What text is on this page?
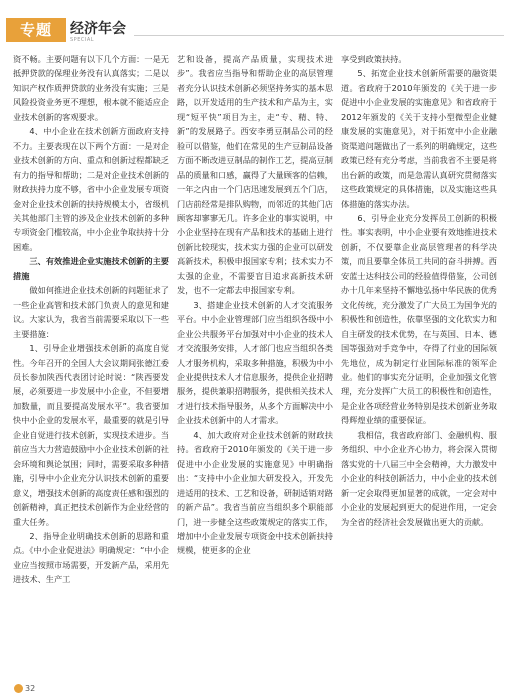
专题	经济年会
SPECIAL

资不畅。主要问题有以下几个方面：一是无抵押贷款的保理业务没有认真落实；二是以知识产权作质押贷款的业务没有实施；三是风险投资业务更不理想，根本就不能适应企业技术创新的客观要求。

4、中小企业在技术创新方面政府支持不力。主要表现在以下两个方面：一是对企业技术创新的方向、重点和创新过程都缺乏有力的指导和帮助；二是对企业技术创新的财政扶持力度不够，省中小企业发展专项资金对企业技术创新的扶持规模太小，省级机关其他部门主管的涉及企业技术创新的多种专项资金门槛较高，中小企业争取扶持十分困难。

三、有效推进企业实施技术创新的主要措施

做如何推进企业技术创新的问题征求了一些企业高管和技术部门负责人的意见和建议。大家认为，我省当前需要采取以下一些主要措施：

1、引导企业增强技术创新的高度自觉性。今年召开的全国人大会议期间张德江委员长参加陕西代表团讨论时说：“陕西要发展，必须要进一步发展中小企业，不但要增加数量，而且要提高发展水平”。我省要加快中小企业的发展水平，最重要的就是引导企业自觉进行技术创新，实现技术进步。当前应当大力营造鼓励中小企业技术创新的社会环境和舆论氛围；同时，需要采取多种措施，引导中小企业充分认识技术创新的重要意义，增强技术创新的高度责任感和强烈的创新精神，真正把技术创新作为企业经营的重大任务。

2、指导企业明确技术创新的思路和重点。《中小企业促进法》明确规定：“中小企业应当按照市场需要，开发新产品，采用先进技术、生产工

艺和设备，提高产品质量，实现技术进步”。我省应当指导和帮助企业的高层管理者充分认识技术创新必须坚持务实的基本思路，以开发适用的生产技术和产品为主，实现“短平快”项目为主，走“专、精、特、新”的发展路子。西安李勇豆制品公司的经验可以借鉴，他们在常见的生产豆制品设备方面不断改进豆制品的制作工艺，提高豆制品的质量和口感，赢得了大量顾客的信赖，一年之内由一个门店迅速发展到五个门店，门店前经常是排队购物，而邻近的其他门店顾客却寥寥无几。许多企业的事实说明，中小企业坚持在现有产品和技术的基础上进行创新比较现实，技术实力强的企业可以研发高新技术，积极申报国家专利；技术实力不太强的企业，不需要盲目追求高新技术研发，也不一定都去申报国家专利。

3、搭建企业技术创新的人才交流服务平台。中小企业管理部门应当组织各级中小企业公共服务平台加强对中小企业的技术人才交流服务安排，人才部门也应当组织各类人才服务机构，采取多种措施，积极为中小企业提供技术人才信息服务，提供企业招聘服务，提供兼职招聘服务，提供相关技术人才进行技术指导服务，从多个方面解决中小企业技术创新中的人才需求。

4、加大政府对企业技术创新的财政扶持。省政府于2010年颁发的《关于进一步促进中小企业发展的实施意见》中明确指出：“支持中小企业加大研发投入，开发先进适用的技术、工艺和设备，研制适销对路的新产品”。我省当前应当组织多个职能部门，进一步健全这些政策规定的落实工作，增加中小企业发展专项资金中技术创新扶持规模，使更多的企业

享受到政策扶持。

5、拓宽企业技术创新所需要的融资渠道。省政府于2010年颁发的《关于进一步促进中小企业发展的实施意见》和省政府于2012年颁发的《关于支持小型微型企业健康发展的实施意见》，对于拓宽中小企业融资渠道问题做出了一系列的明确规定，这些政策已经有充分考虑，当前我省不主要是将出台新的政策，而是急需认真研究贯彻落实这些政策规定的具体措施，以及实施这些具体措施的落实办法。

6、引导企业充分发挥员工创新的积极性。事实表明，中小企业要有效地推进技术创新，不仅要靠企业高层管理者的科学决策，而且要靠全体员工共同的奋斗拼搏。西安蓝士达科技公司的经验值得借鉴，公司创办十几年来坚持不懈地弘扬中华民族的优秀文化传统，充分激发了广大员工为国争光的积极性和创造性，依靠坚强的文化软实力和自主研发的技术优势，在与英国、日本、德国等强劲对手竞争中，夺得了行业的国际领先地位，成为制定行业国际标准的领军企业。他们的事实充分证明，企业加强文化管理，充分发挥广大员工的积极性和创造性，是企业各项经营业务特别是技术创新业务取得辉煌业绩的重要保证。

我相信，我省政府部门、金融机构、服务组织、中小企业齐心协力，将会深入贯彻落实党的十八届三中全会精神，大力激发中小企业的科技创新活力，中小企业的技术创新一定会取得更加显著的成就，一定会对中小企业的发展起到更大的促进作用，一定会为全省的经济社会发展做出更大的贡献。

32
